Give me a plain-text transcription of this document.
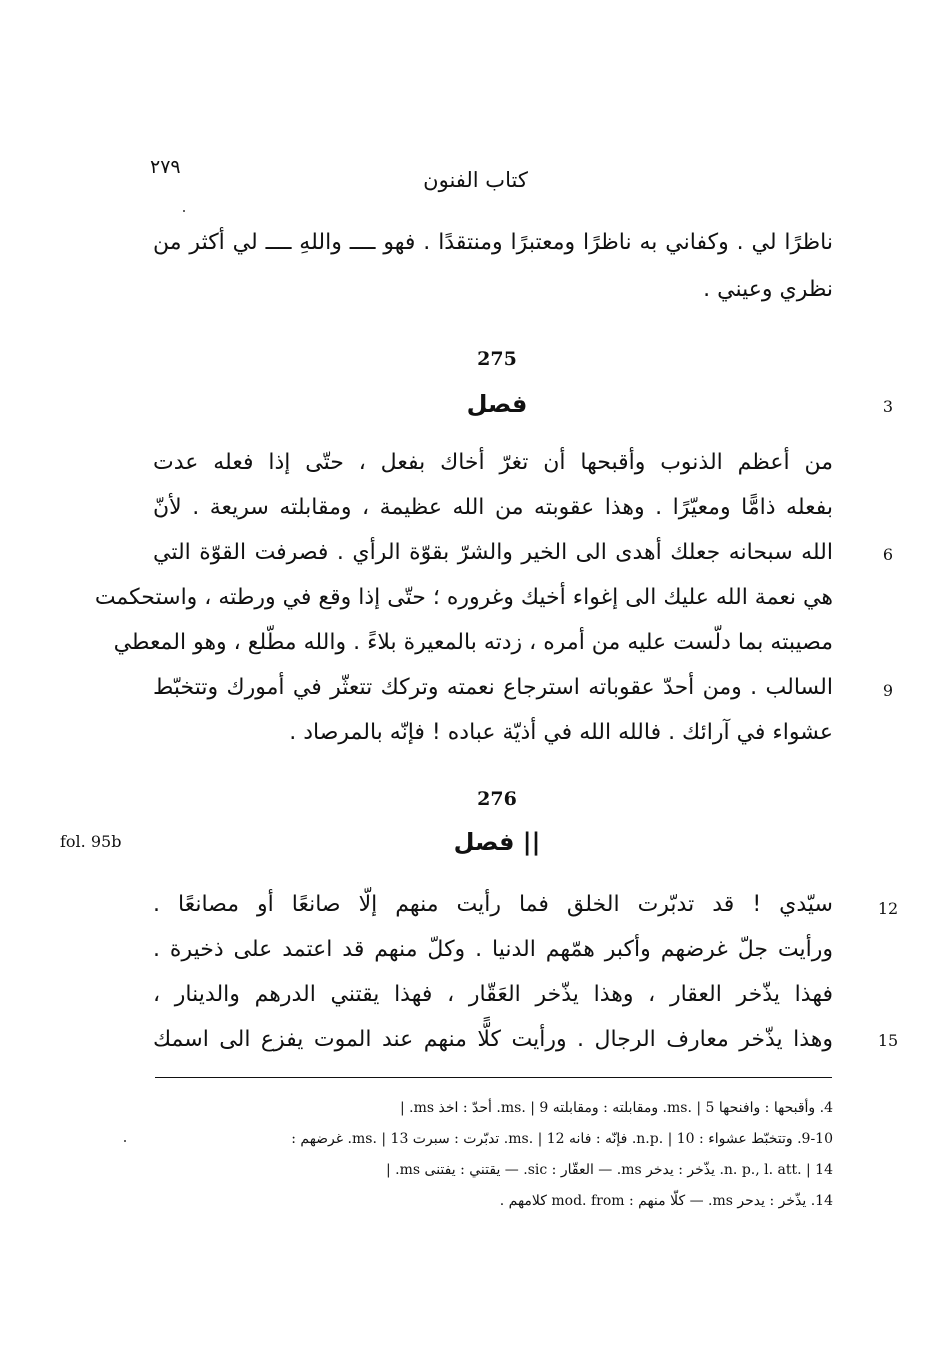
٢٧٩
كتاب الفنون
ناظرًا لي . وكفاني به ناظرًا ومعتبرًا ومنتقدًا . فهو ــــ واللهِ ــــ لي أكثر من
نظري وعيني .
275
فصل	3
من أعظم الذنوب وأقبحها أن تغرّ أخاك بفعل ، حتّى إذا فعله عدت
بفعله ذامًّا ومعيّرًا . وهذا عقوبته من الله عظيمة ، ومقابلته سريعة . لأنّ
الله سبحانه جعلك أهدى الى الخير والشرّ بقوّة الرأي . فصرفت القوّة التي	6
هي نعمة الله عليك الى إغواء أخيك وغروره ؛ حتّى إذا وقع في ورطته ، واستحكمت
مصيبته بما دلّست عليه من أمره ، زدته بالمعيرة بلاءً . والله مطّلع ، وهو المعطي
السالب . ومن أحدّ عقوباته استرجاع نعمته وتركك تتعثّر في أمورك وتتخبّط	9
عشواء في آرائك . فالله الله في أذيّة عباده ! فإنّه بالمرصاد .
276
fol. 95b	|| فصل
سيّدي ! قد تدبّرت الخلق فما رأيت منهم إلّا صانعًا أو مصانعًا .	12
ورأيت جلّ غرضهم وأكبر همّهم الدنيا . وكلّ منهم قد اعتمد على ذخيرة .
فهذا يذّخر العقار ، وهذا يذّخر العَقّار ، فهذا يقتني الدرهم والدينار ،
وهذا يذّخر معارف الرجال . ورأيت كلًّا منهم عند الموت يفزع الى اسمك	15
4. وأقبحها : وافنحها ms. | 5. ومقابلته : ومقابلته ms. | 9. أحدّ : اخذ ms. |
9-10. وتتخبّط عشواء : n.p. | 10. فإنّه : فانه ms. | 12. تدبّرت : سبرت ms. | 13. غرضهم :
n. p., l. att. | 14. يذّخر : يدخر ms. — العقّار : sic. — يقتني : يفتنى ms. |
14. يذّخر : يدحر ms. — كلّا منهم : mod. from كلامهم .
